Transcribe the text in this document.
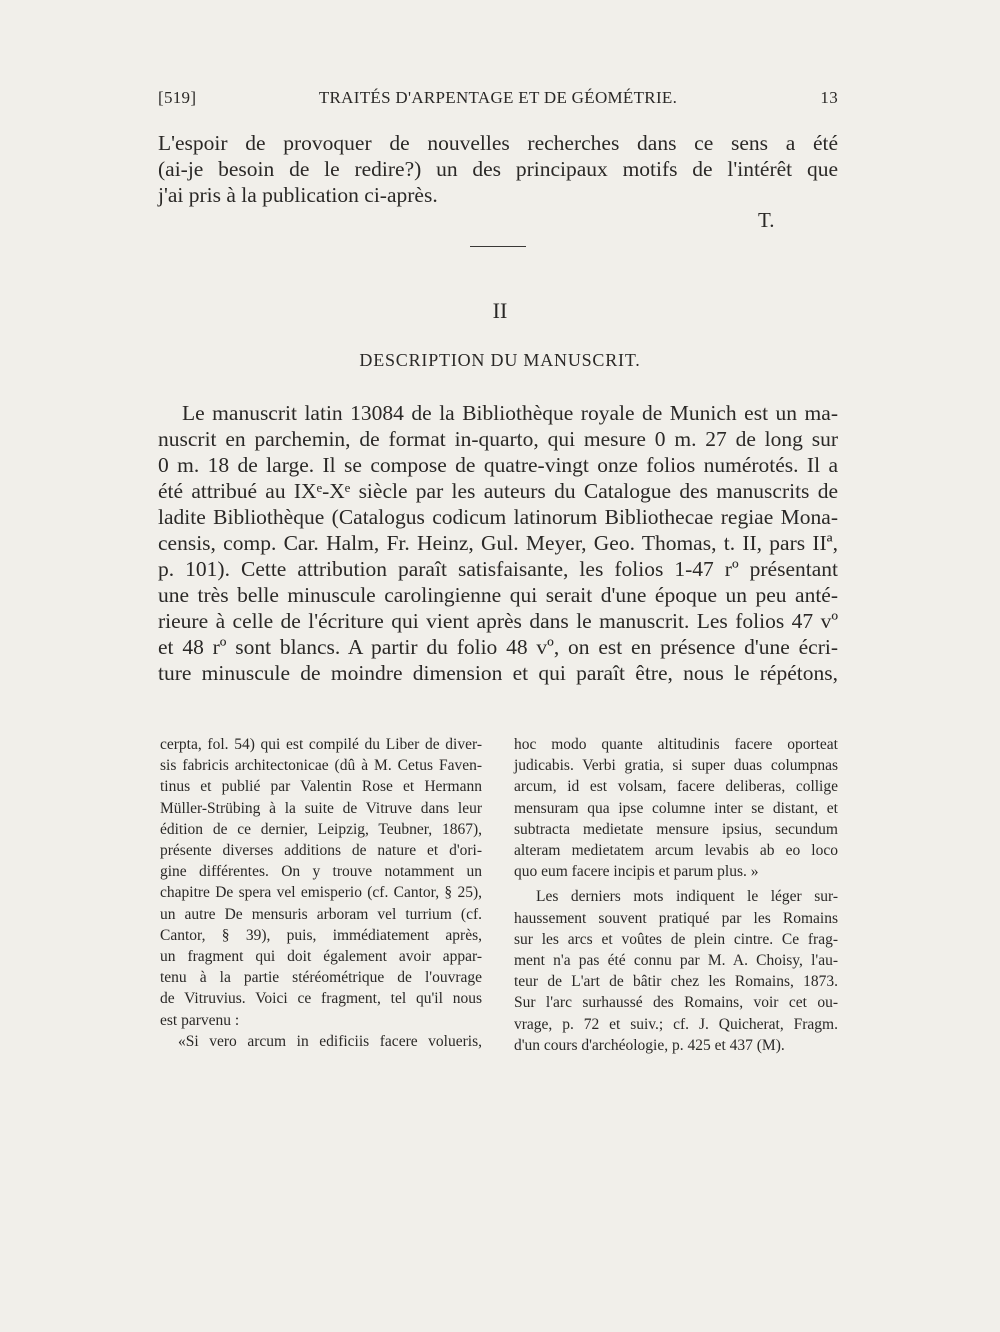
[519]	TRAITÉS D'ARPENTAGE ET DE GÉOMÉTRIE.	13
L'espoir de provoquer de nouvelles recherches dans ce sens a été
(ai-je besoin de le redire?) un des principaux motifs de l'intérêt que
j'ai pris à la publication ci-après.
T.
II
DESCRIPTION DU MANUSCRIT.
Le manuscrit latin 13084 de la Bibliothèque royale de Munich est un ma-
nuscrit en parchemin, de format in-quarto, qui mesure 0 m. 27 de long sur
0 m. 18 de large. Il se compose de quatre-vingt onze folios numérotés. Il a
été attribué au IXᵉ-Xᵉ siècle par les auteurs du Catalogue des manuscrits de
ladite Bibliothèque (Catalogus codicum latinorum Bibliothecae regiae Mona-
censis, comp. Car. Halm, Fr. Heinz, Gul. Meyer, Geo. Thomas, t. II, pars IIª,
p. 101). Cette attribution paraît satisfaisante, les folios 1-47 rº présentant
une très belle minuscule carolingienne qui serait d'une époque un peu anté-
rieure à celle de l'écriture qui vient après dans le manuscrit. Les folios 47 vº
et 48 rº sont blancs. A partir du folio 48 vº, on est en présence d'une écri-
ture minuscule de moindre dimension et qui paraît être, nous le répétons,
cerpta, fol. 54) qui est compilé du Liber de diver-
sis fabricis architectonicae (dû à M. Cetus Faven-
tinus et publié par Valentin Rose et Hermann
Müller-Strübing à la suite de Vitruve dans leur
édition de ce dernier, Leipzig, Teubner, 1867),
présente diverses additions de nature et d'ori-
gine différentes. On y trouve notamment un
chapitre De spera vel emisperio (cf. Cantor, § 25),
un autre De mensuris arboram vel turrium (cf.
Cantor, § 39), puis, immédiatement après,
un fragment qui doit également avoir appar-
tenu à la partie stéréométrique de l'ouvrage
de Vitruvius. Voici ce fragment, tel qu'il nous
est parvenu :
«Si vero arcum in edificiis facere volueris,
hoc modo quante altitudinis facere oporteat
judicabis. Verbi gratia, si super duas columpnas
arcum, id est volsam, facere deliberas, collige
mensuram qua ipse columne inter se distant, et
subtracta medietate mensure ipsius, secundum
alteram medietatem arcum levabis ab eo loco
quo eum facere incipis et parum plus. »
Les derniers mots indiquent le léger sur-
haussement souvent pratiqué par les Romains
sur les arcs et voûtes de plein cintre. Ce frag-
ment n'a pas été connu par M. A. Choisy, l'au-
teur de L'art de bâtir chez les Romains, 1873.
Sur l'arc surhaussé des Romains, voir cet ou-
vrage, p. 72 et suiv.; cf. J. Quicherat, Fragm.
d'un cours d'archéologie, p. 425 et 437 (M).
